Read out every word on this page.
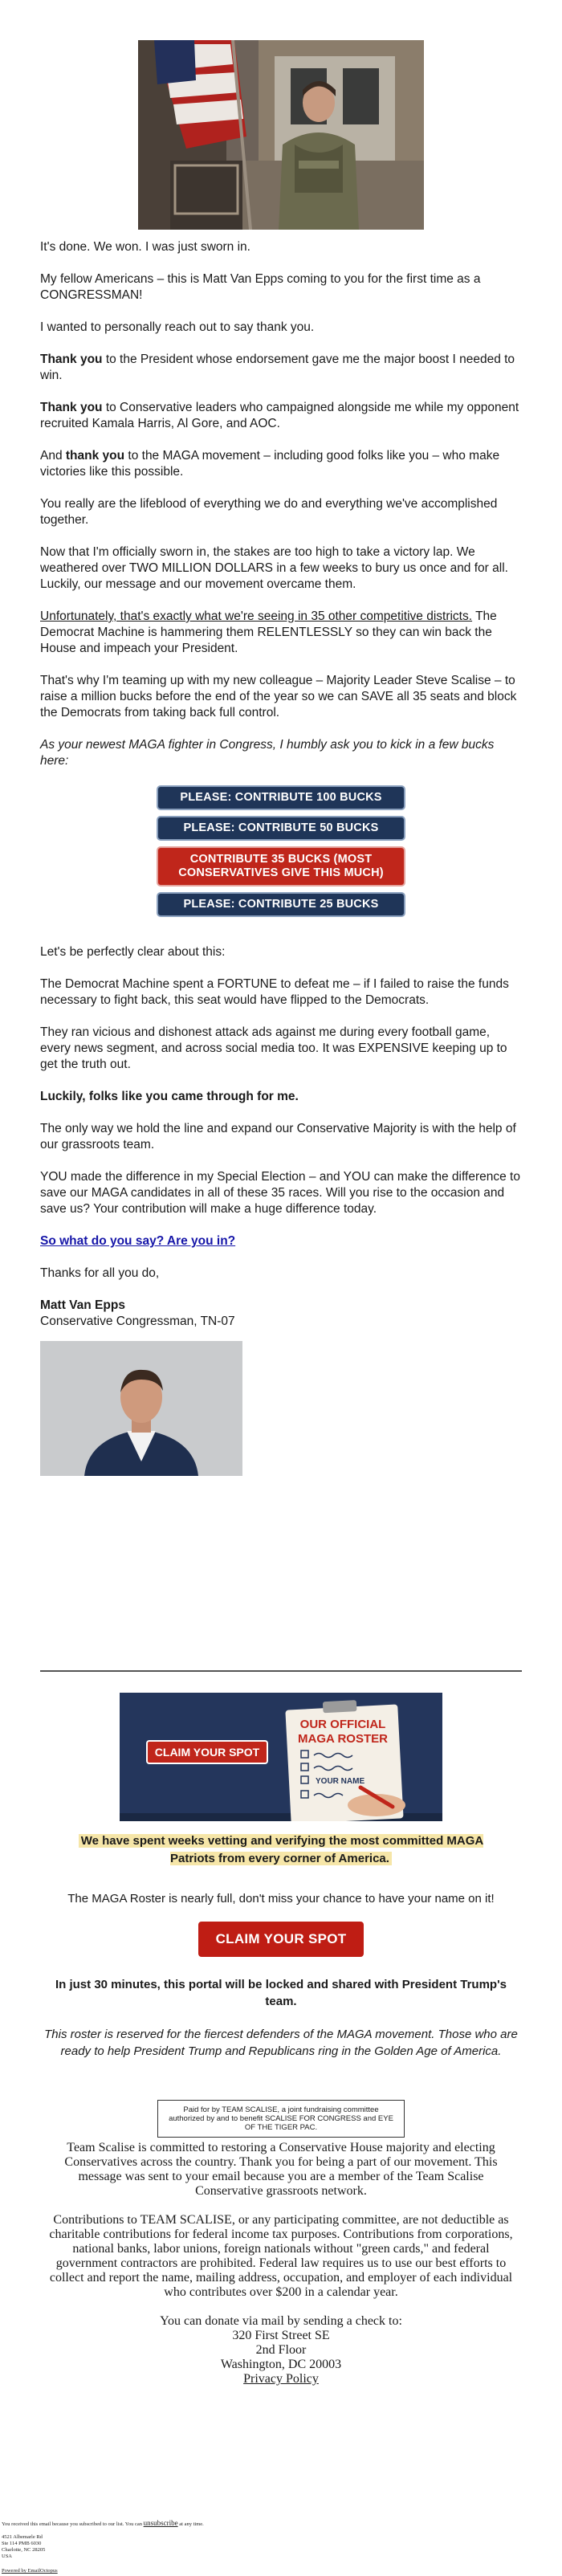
It's done. We won. I was just sworn in.

My fellow Americans – this is Matt Van Epps coming to you for the first time as a CONGRESSMAN!

I wanted to personally reach out to say thank you.

Thank you to the President whose endorsement gave me the major boost I needed to win.

Thank you to Conservative leaders who campaigned alongside me while my opponent recruited Kamala Harris, Al Gore, and AOC.

And thank you to the MAGA movement – including good folks like you – who make victories like this possible.

You really are the lifeblood of everything we do and everything we've accomplished together.

Now that I'm officially sworn in, the stakes are too high to take a victory lap. We weathered over TWO MILLION DOLLARS in a few weeks to bury us once and for all. Luckily, our message and our movement overcame them.

Unfortunately, that's exactly what we're seeing in 35 other competitive districts. The Democrat Machine is hammering them RELENTLESSLY so they can win back the House and impeach your President.

That's why I'm teaming up with my new colleague – Majority Leader Steve Scalise – to raise a million bucks before the end of the year so we can SAVE all 35 seats and block the Democrats from taking back full control.

As your newest MAGA fighter in Congress, I humbly ask you to kick in a few bucks here:

PLEASE: CONTRIBUTE 100 BUCKS
PLEASE: CONTRIBUTE 50 BUCKS
CONTRIBUTE 35 BUCKS (MOST CONSERVATIVES GIVE THIS MUCH)
PLEASE: CONTRIBUTE 25 BUCKS

Let's be perfectly clear about this:

The Democrat Machine spent a FORTUNE to defeat me – if I failed to raise the funds necessary to fight back, this seat would have flipped to the Democrats.

They ran vicious and dishonest attack ads against me during every football game, every news segment, and across social media too. It was EXPENSIVE keeping up to get the truth out.

Luckily, folks like you came through for me.

The only way we hold the line and expand our Conservative Majority is with the help of our grassroots team.

YOU made the difference in my Special Election – and YOU can make the difference to save our MAGA candidates in all of these 35 races. Will you rise to the occasion and save us? Your contribution will make a huge difference today.

So what do you say? Are you in?

Thanks for all you do,

Matt Van Epps
Conservative Congressman, TN-07

CLAIM YOUR SPOT
OUR OFFICIAL
MAGA ROSTER
YOUR NAME
We have spent weeks vetting and verifying the most committed MAGA Patriots from every corner of America.

The MAGA Roster is nearly full, don't miss your chance to have your name on it!

CLAIM YOUR SPOT

In just 30 minutes, this portal will be locked and shared with President Trump's team.

This roster is reserved for the fiercest defenders of the MAGA movement. Those who are ready to help President Trump and Republicans ring in the Golden Age of America.

Paid for by TEAM SCALISE, a joint fundraising committee authorized by and to benefit SCALISE FOR CONGRESS and EYE OF THE TIGER PAC.
Team Scalise is committed to restoring a Conservative House majority and electing Conservatives across the country. Thank you for being a part of our movement. This message was sent to your email because you are a member of the Team Scalise Conservative grassroots network.
Contributions to TEAM SCALISE, or any participating committee, are not deductible as charitable contributions for federal income tax purposes. Contributions from corporations, national banks, labor unions, foreign nationals without "green cards," and federal government contractors are prohibited. Federal law requires us to use our best efforts to collect and report the name, mailing address, occupation, and employer of each individual who contributes over $200 in a calendar year.
You can donate via mail by sending a check to:
320 First Street SE
2nd Floor
Washington, DC 20003
Privacy Policy
You received this email because you subscribed to our list. You can unsubscribe at any time.
4521 Albemarle Rd
Ste 114 PMB 6030
Charlotte, NC 28205
USA
Powered by EmailOctopus
